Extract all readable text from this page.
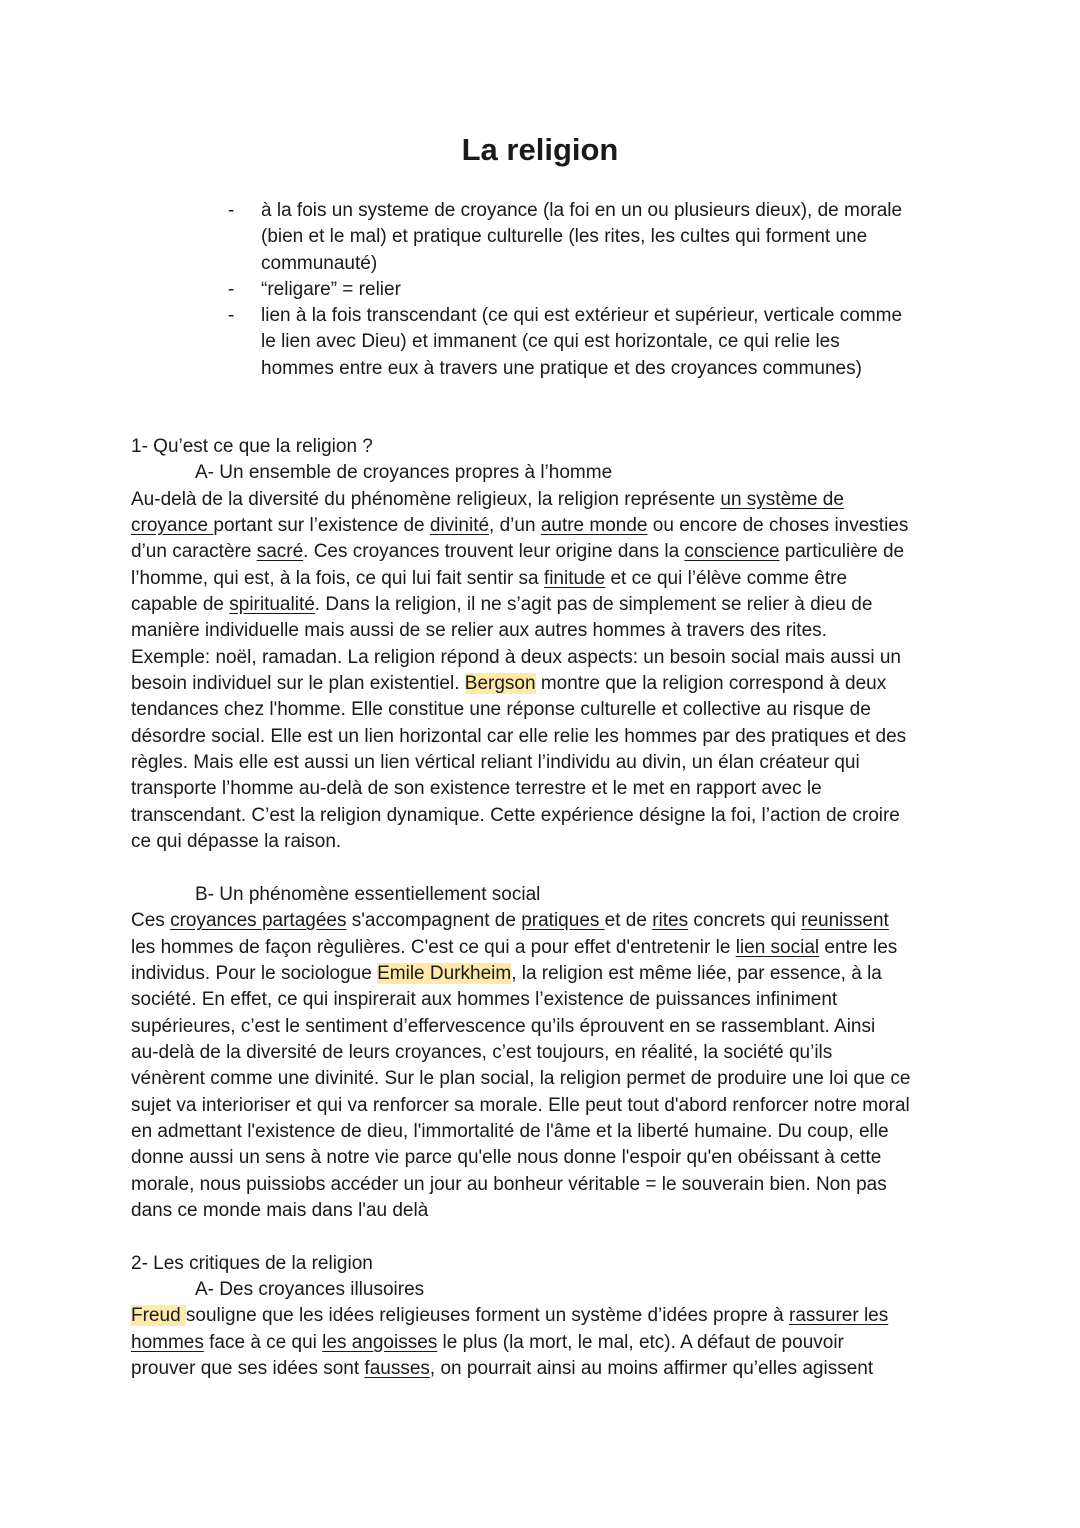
La religion
- à la fois un systeme de croyance (la foi en un ou plusieurs dieux), de morale
(bien et le mal) et pratique culturelle (les rites, les cultes qui forment une
communauté)
- “religare” = relier
- lien à la fois transcendant (ce qui est extérieur et supérieur, verticale comme
le lien avec Dieu) et immanent (ce qui est horizontale, ce qui relie les
hommes entre eux à travers une pratique et des croyances communes)

1- Qu’est ce que la religion ?

A- Un ensemble de croyances propres à l’homme

Au-delà de la diversité du phénomène religieux, la religion représente un système de

croyance portant sur l’existence de divinité, d’un autre monde ou encore de choses investies

d’un caractère sacré. Ces croyances trouvent leur origine dans la conscience particulière de

l’homme, qui est, à la fois, ce qui lui fait sentir sa finitude et ce qui l’élève comme être

capable de spiritualité. Dans la religion, il ne s’agit pas de simplement se relier à dieu de

manière individuelle mais aussi de se relier aux autres hommes à travers des rites.

Exemple: noël, ramadan. La religion répond à deux aspects: un besoin social mais aussi un

besoin individuel sur le plan existentiel. Bergson montre que la religion correspond à deux

tendances chez l'homme. Elle constitue une réponse culturelle et collective au risque de

désordre social. Elle est un lien horizontal car elle relie les hommes par des pratiques et des

règles. Mais elle est aussi un lien vértical reliant l’individu au divin, un élan créateur qui

transporte l’homme au-delà de son existence terrestre et le met en rapport avec le

transcendant. C’est la religion dynamique. Cette expérience désigne la foi, l’action de croire

ce qui dépasse la raison.

B- Un phénomène essentiellement social

Ces croyances partagées s'accompagnent de pratiques et de rites concrets qui reunissent

les hommes de façon règulières. C'est ce qui a pour effet d'entretenir le lien social entre les

individus. Pour le sociologue Emile Durkheim, la religion est même liée, par essence, à la

société. En effet, ce qui inspirerait aux hommes l’existence de puissances infiniment

supérieures, c’est le sentiment d’effervescence qu’ils éprouvent en se rassemblant. Ainsi

au-delà de la diversité de leurs croyances, c’est toujours, en réalité, la société qu’ils

vénèrent comme une divinité. Sur le plan social, la religion permet de produire une loi que ce

sujet va interioriser et qui va renforcer sa morale. Elle peut tout d'abord renforcer notre moral

en admettant l'existence de dieu, l'immortalité de l'âme et la liberté humaine. Du coup, elle

donne aussi un sens à notre vie parce qu'elle nous donne l'espoir qu'en obéissant à cette

morale, nous puissiobs accéder un jour au bonheur véritable = le souverain bien. Non pas

dans ce monde mais dans l'au delà

2- Les critiques de la religion

A- Des croyances illusoires

Freud souligne que les idées religieuses forment un système d’idées propre à rassurer les

hommes face à ce qui les angoisses le plus (la mort, le mal, etc). A défaut de pouvoir

prouver que ses idées sont fausses, on pourrait ainsi au moins affirmer qu’elles agissent
